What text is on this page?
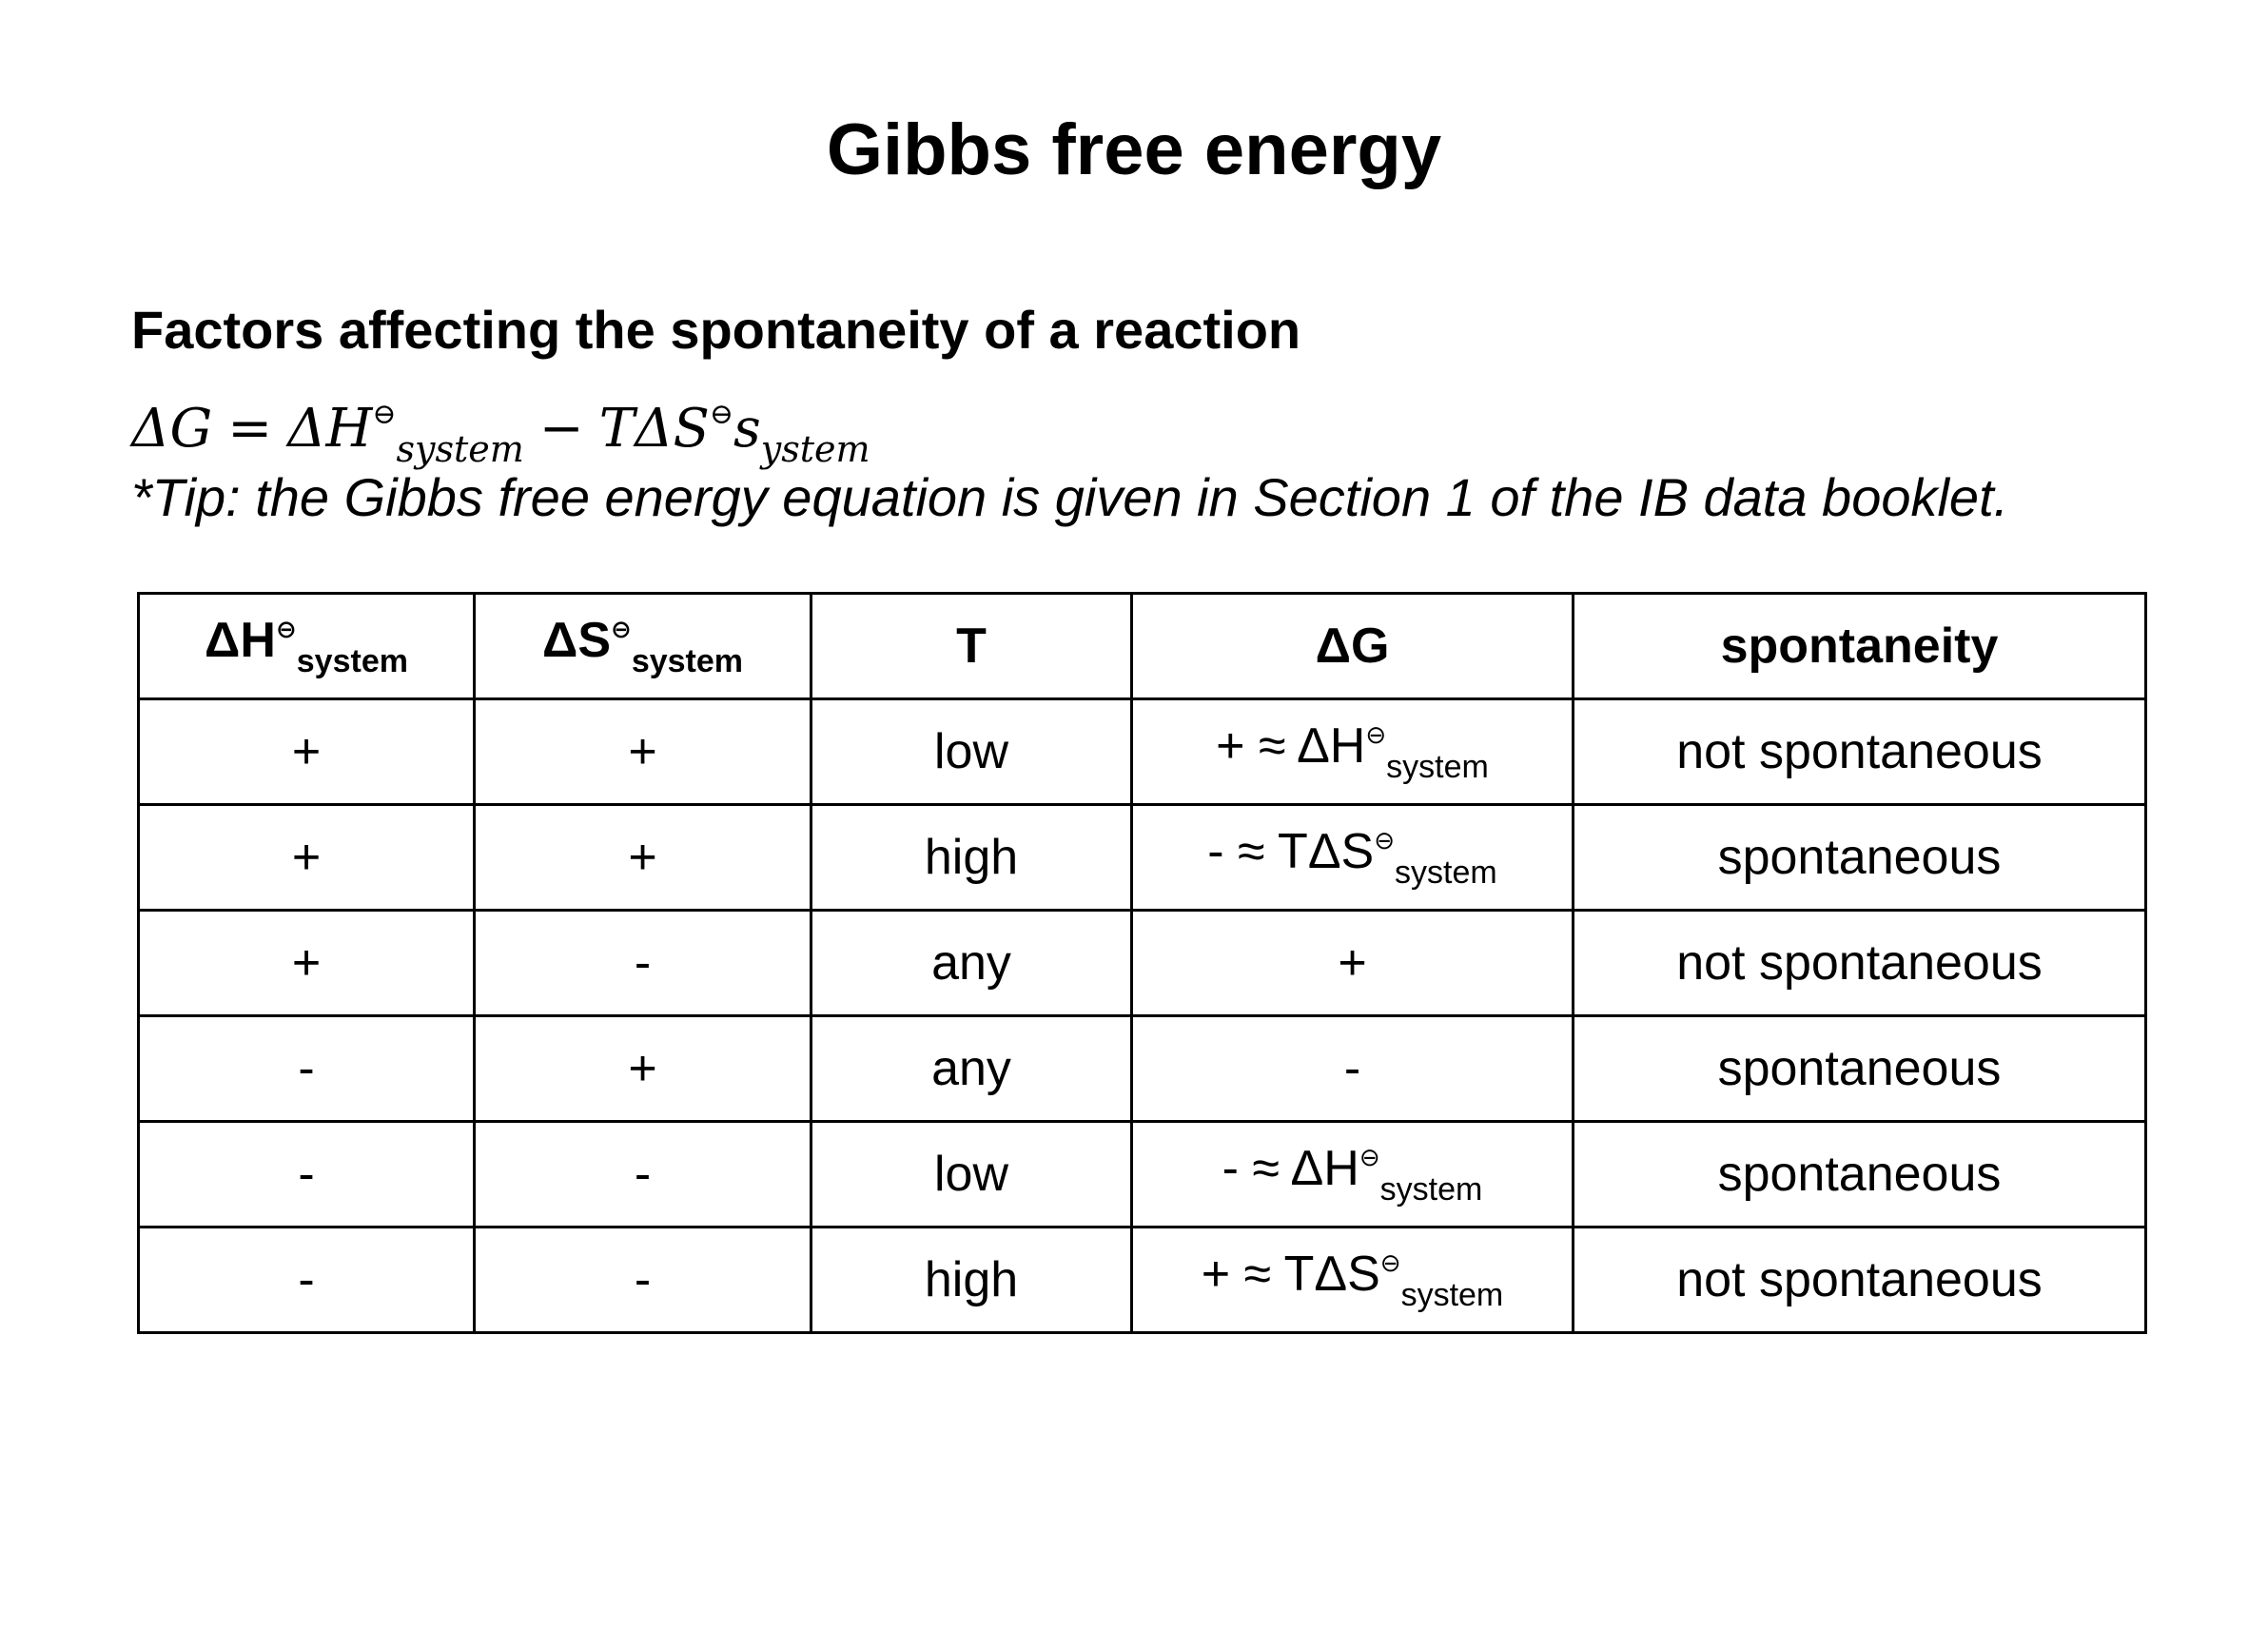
Gibbs free energy
Factors affecting the spontaneity of a reaction
$\Delta G = \Delta H^⊖_{system} - T\Delta S^⊖s_{ystem}$
*Tip: the Gibbs free energy equation is given in Section 1 of the IB data booklet.
$\Delta H^⊖_{system}$	$\Delta S^⊖_{system}$	T	ΔG	spontaneity
+	+	low	+ ≈ $\Delta H^⊖_{system}$	not spontaneous
+	+	high	- ≈ $T\Delta S^⊖_{system}$	spontaneous
+	-	any	+	not spontaneous
-	+	any	-	spontaneous
-	-	low	- ≈ $\Delta H^⊖_{system}$	spontaneous
-	-	high	+ ≈ $T\Delta S^⊖_{system}$	not spontaneous
